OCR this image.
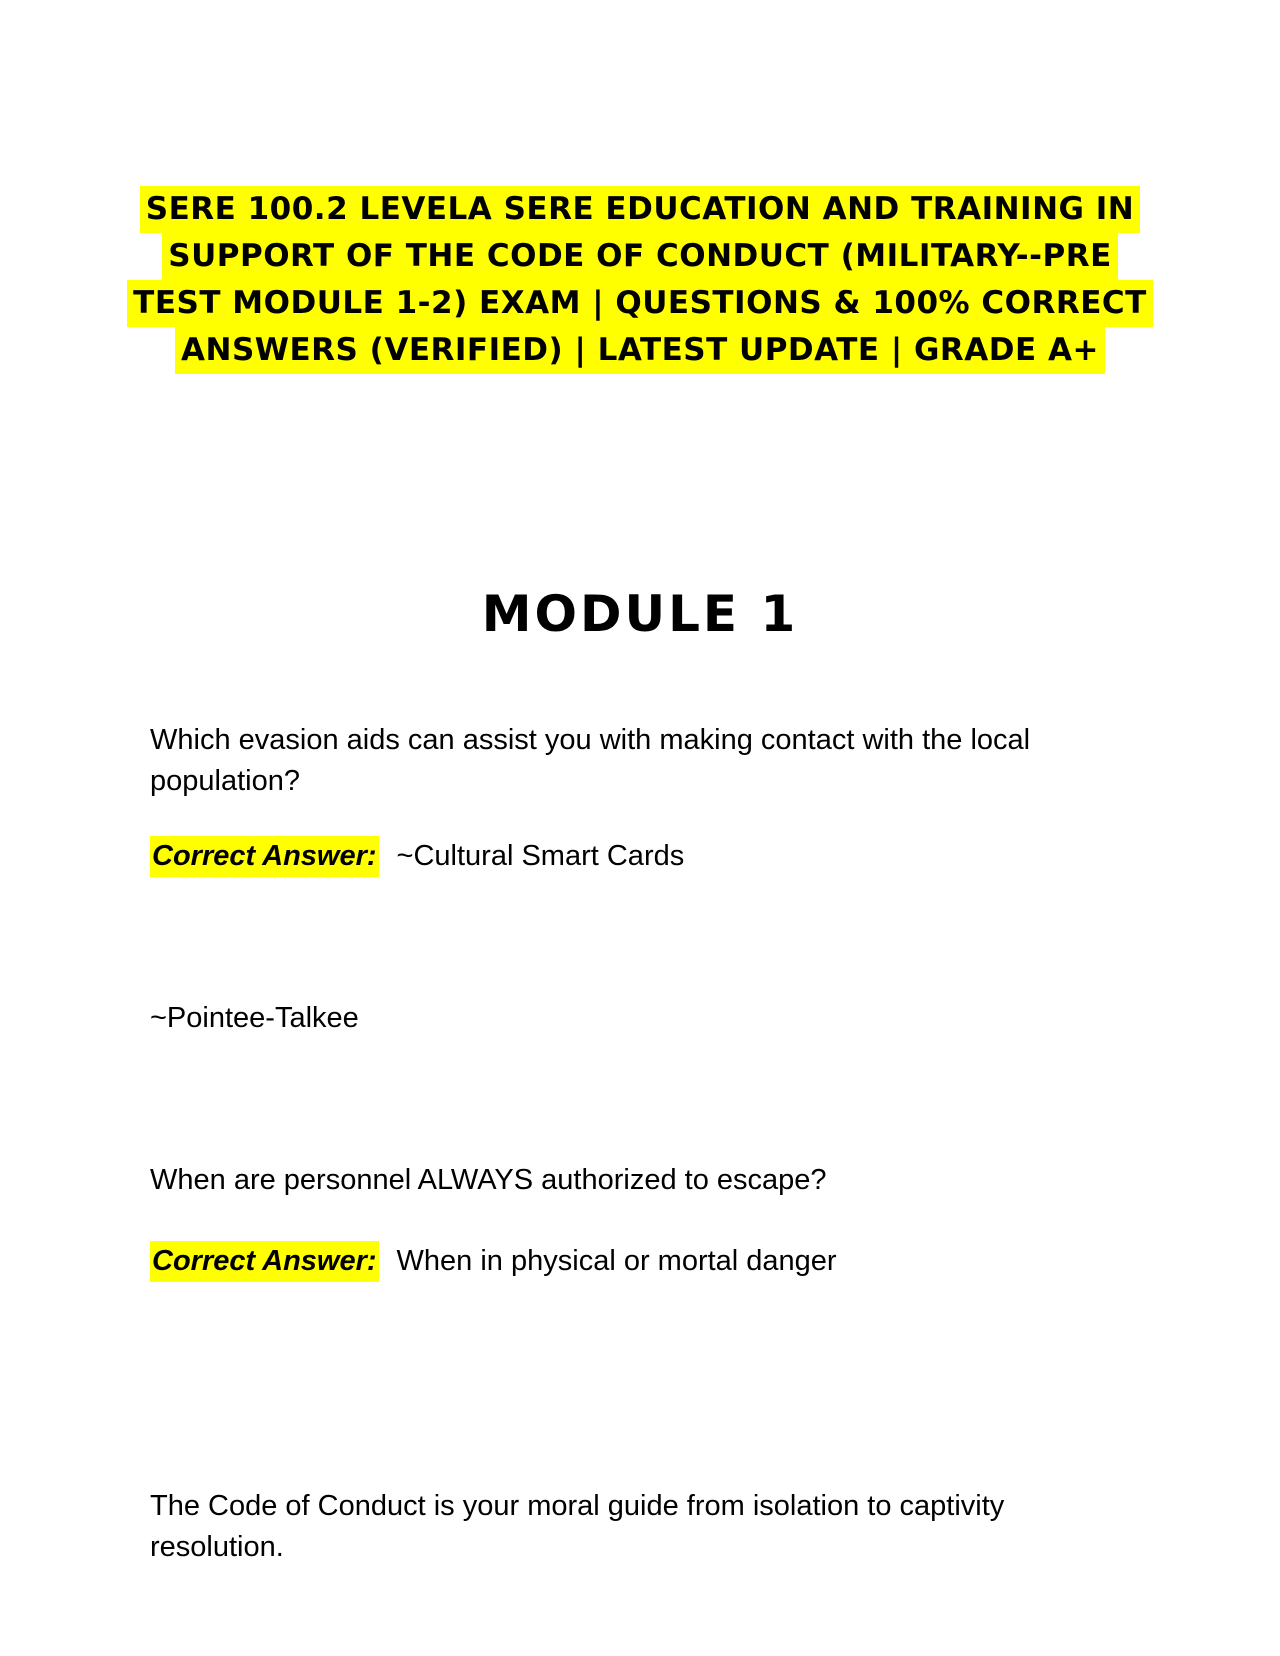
SERE 100.2 LEVELA SERE EDUCATION AND TRAINING IN
SUPPORT OF THE CODE OF CONDUCT (MILITARY--PRE
TEST MODULE 1-2) EXAM | QUESTIONS & 100% CORRECT
ANSWERS (VERIFIED) | LATEST UPDATE | GRADE A+
MODULE 1
Which evasion aids can assist you with making contact with the local population?
Correct Answer: ~Cultural Smart Cards
~Pointee-Talkee
When are personnel ALWAYS authorized to escape?
Correct Answer: When in physical or mortal danger
The Code of Conduct is your moral guide from isolation to captivity resolution.
